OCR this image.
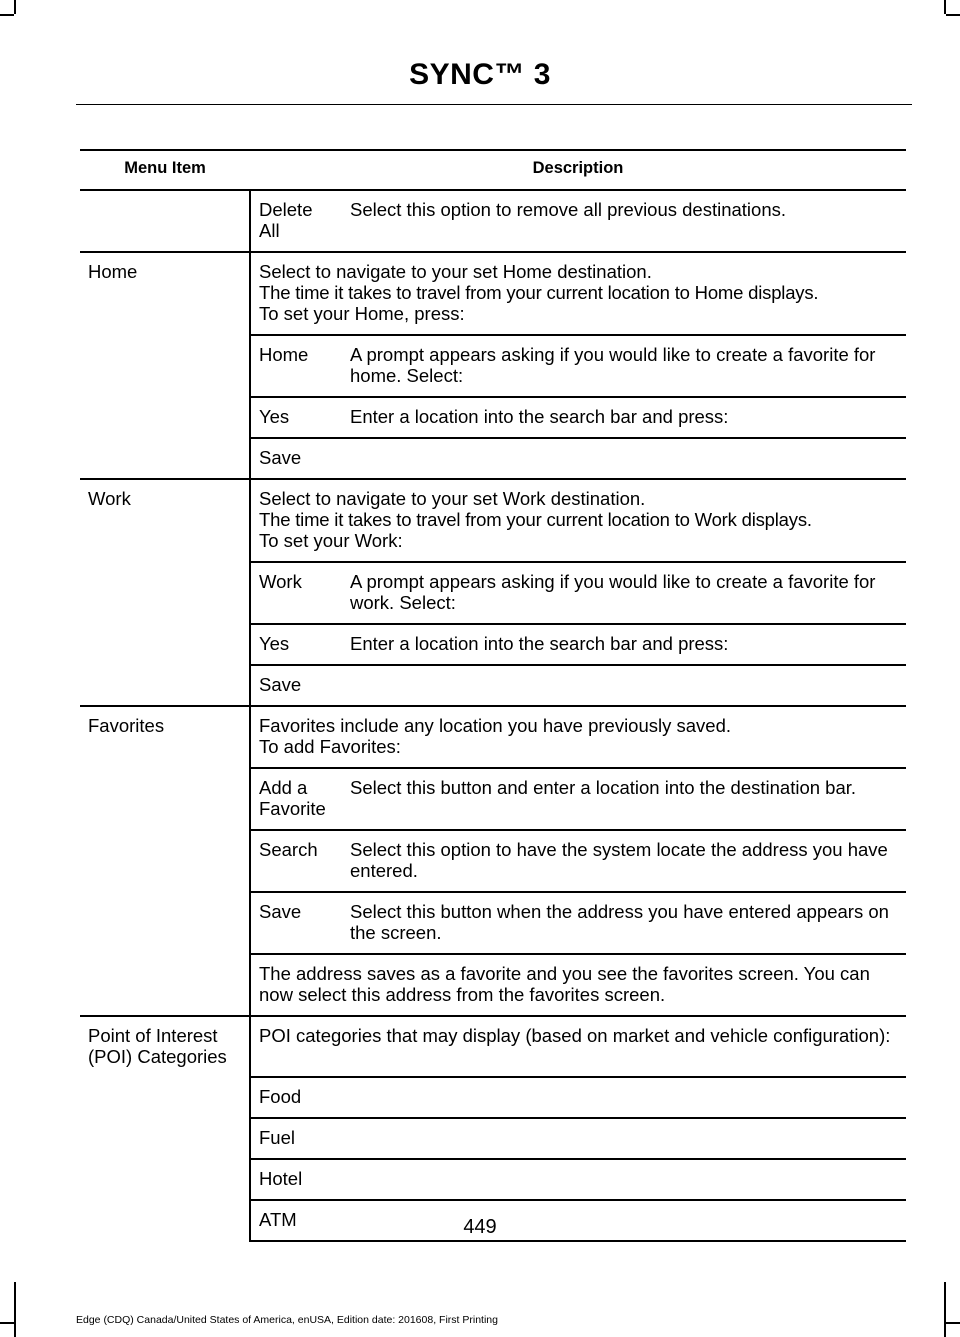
SYNC™ 3
Menu Item	Description	
	Delete All	Select this option to remove all previous destinations.
Home	Select to navigate to your set Home destination.
The time it takes to travel from your current location to Home displays.
To set your Home, press:	

	Home	A prompt appears asking if you would like to create a favorite for home. Select:
	Yes	Enter a location into the search bar and press:
	Save	
Work	Select to navigate to your set Work destination.
The time it takes to travel from your current location to Work displays.
To set your Work:	

	Work	A prompt appears asking if you would like to create a favorite for work. Select:
	Yes	Enter a location into the search bar and press:
	Save	
Favorites	Favorites include any location you have previously saved.
To add Favorites:	

	Add a Favorite	Select this button and enter a location into the destination bar.
	Search	Select this option to have the system locate the address you have entered.
	Save	Select this button when the address you have entered appears on the screen.
	The address saves as a favorite and you see the favorites screen. You can now select this address from the favorites screen.	
Point of Interest (POI) Categories	POI categories that may display (based on market and vehicle configuration):	
	Food	
	Fuel	
	Hotel	
	ATM		449
Edge (CDQ) Canada/United States of America, enUSA, Edition date: 201608, First Printing
